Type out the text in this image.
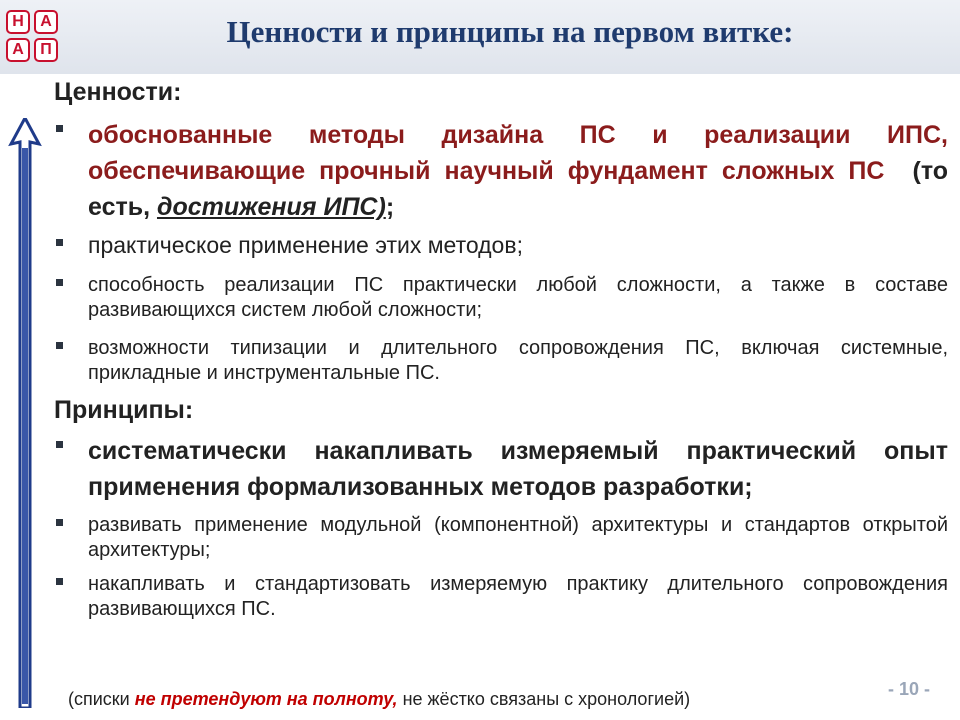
Н	А
А	П
Ценности и принципы на первом витке:

Ценности:

обоснованные методы дизайна ПС и реализации ИПС, обеспечивающие прочный научный фундамент сложных ПС (то есть, достижения ИПС);
практическое применение этих методов;
способность реализации ПС практически любой сложности, а также в составе развивающихся систем любой сложности;
возможности типизации и длительного сопровождения ПС, включая системные, прикладные и инструментальные ПС.

Принципы:

систематически накапливать измеряемый практический опыт применения формализованных методов разработки;
развивать применение модульной (компонентной) архитектуры и стандартов открытой архитектуры;
накапливать и стандартизовать измеряемую практику длительного сопровождения развивающихся ПС.
(списки не претендуют на полноту, не жёстко связаны с хронологией)	- 10 -
